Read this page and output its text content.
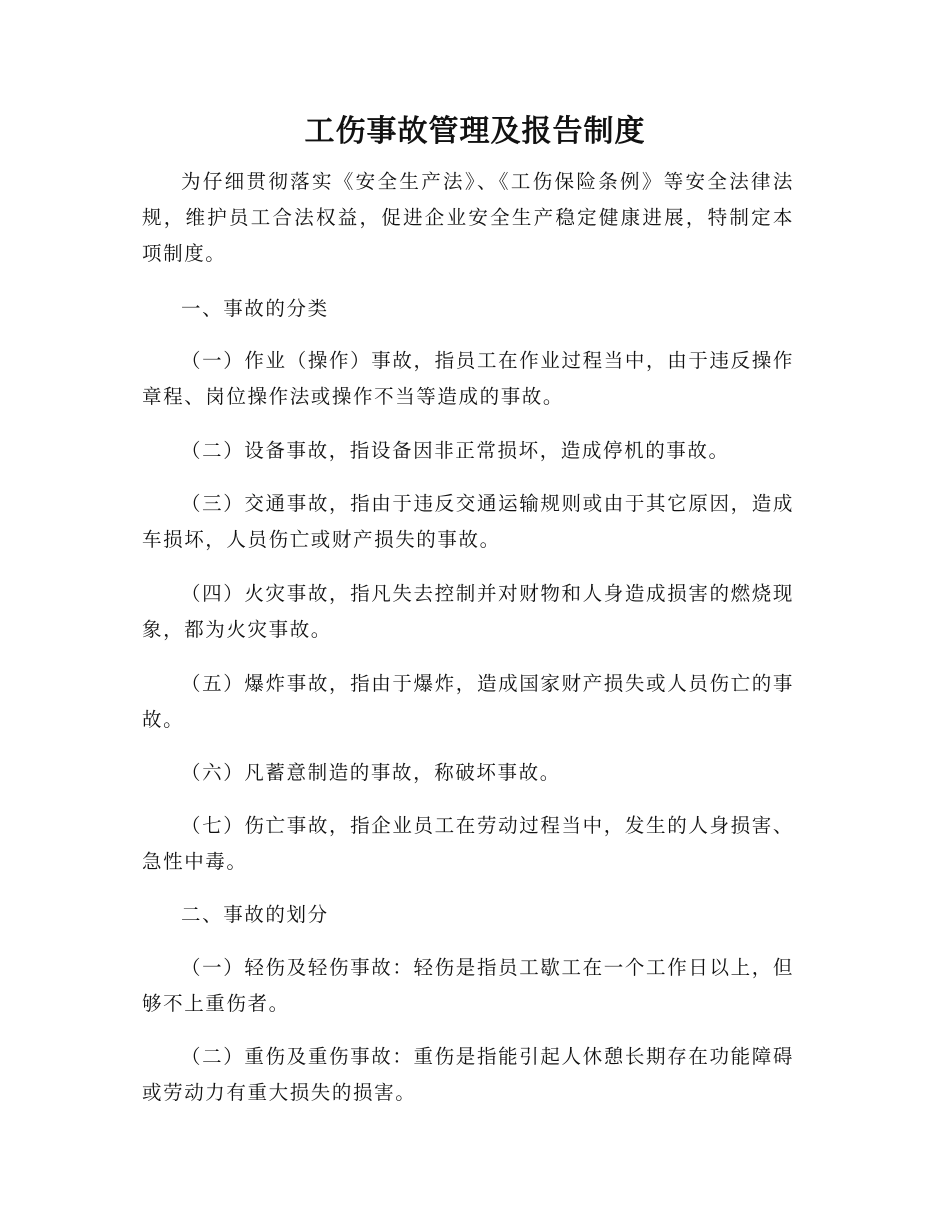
工伤事故管理及报告制度
为仔细贯彻落实《安全生产法》、《工伤保险条例》等安全法律法规，维护员工合法权益，促进企业安全生产稳定健康进展，特制定本项制度。
一、事故的分类
（一）作业（操作）事故，指员工在作业过程当中，由于违反操作章程、岗位操作法或操作不当等造成的事故。
（二）设备事故，指设备因非正常损坏，造成停机的事故。
（三）交通事故，指由于违反交通运输规则或由于其它原因，造成车损坏，人员伤亡或财产损失的事故。
（四）火灾事故，指凡失去控制并对财物和人身造成损害的燃烧现象，都为火灾事故。
（五）爆炸事故，指由于爆炸，造成国家财产损失或人员伤亡的事故。
（六）凡蓄意制造的事故，称破坏事故。
（七）伤亡事故，指企业员工在劳动过程当中，发生的人身损害、急性中毒。
二、事故的划分
（一）轻伤及轻伤事故：轻伤是指员工歇工在一个工作日以上，但够不上重伤者。
（二）重伤及重伤事故：重伤是指能引起人休憩长期存在功能障碍或劳动力有重大损失的损害。
